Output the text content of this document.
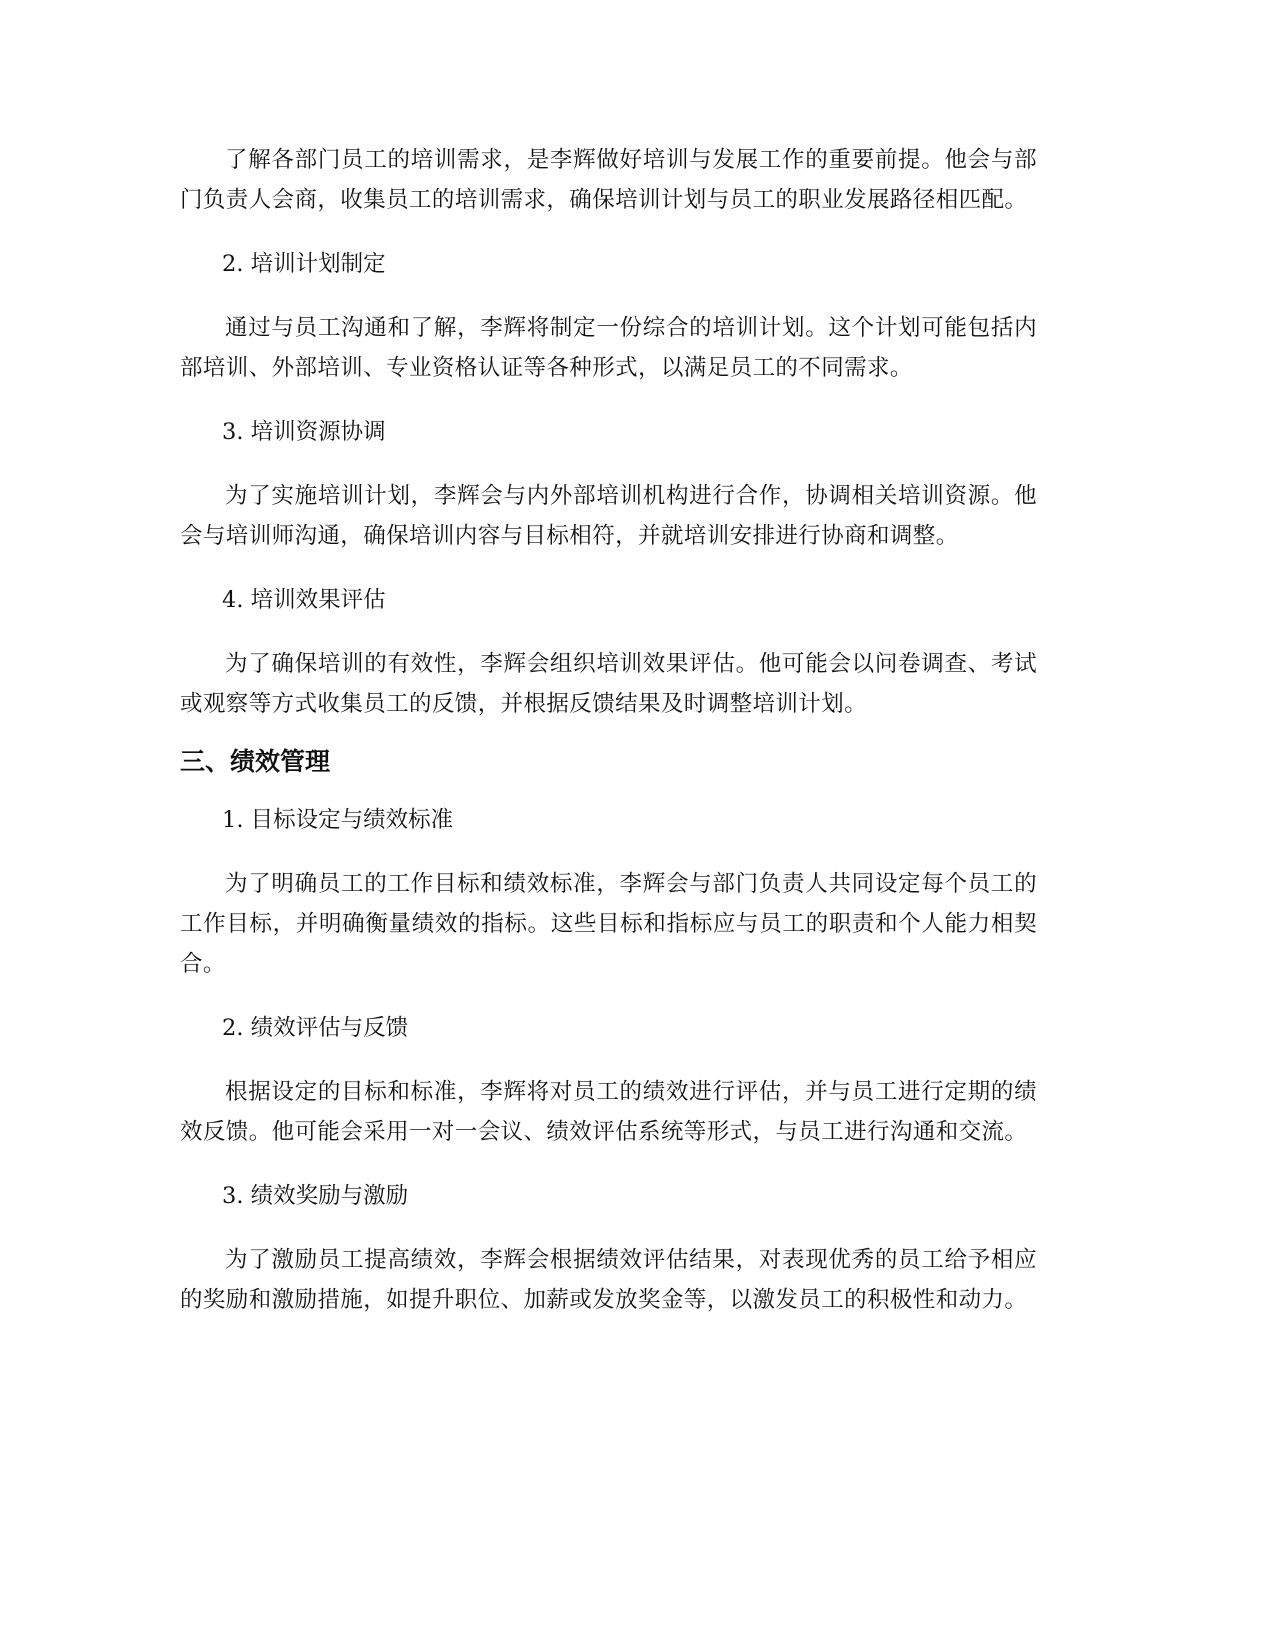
了解各部门员工的培训需求，是李辉做好培训与发展工作的重要前提。他会与部门负责人会商，收集员工的培训需求，确保培训计划与员工的职业发展路径相匹配。

2. 培训计划制定

通过与员工沟通和了解，李辉将制定一份综合的培训计划。这个计划可能包括内部培训、外部培训、专业资格认证等各种形式，以满足员工的不同需求。

3. 培训资源协调

为了实施培训计划，李辉会与内外部培训机构进行合作，协调相关培训资源。他会与培训师沟通，确保培训内容与目标相符，并就培训安排进行协商和调整。

4. 培训效果评估

为了确保培训的有效性，李辉会组织培训效果评估。他可能会以问卷调查、考试或观察等方式收集员工的反馈，并根据反馈结果及时调整培训计划。

三、绩效管理

1. 目标设定与绩效标准

为了明确员工的工作目标和绩效标准，李辉会与部门负责人共同设定每个员工的工作目标，并明确衡量绩效的指标。这些目标和指标应与员工的职责和个人能力相契合。

2. 绩效评估与反馈

根据设定的目标和标准，李辉将对员工的绩效进行评估，并与员工进行定期的绩效反馈。他可能会采用一对一会议、绩效评估系统等形式，与员工进行沟通和交流。

3. 绩效奖励与激励

为了激励员工提高绩效，李辉会根据绩效评估结果，对表现优秀的员工给予相应的奖励和激励措施，如提升职位、加薪或发放奖金等，以激发员工的积极性和动力。
